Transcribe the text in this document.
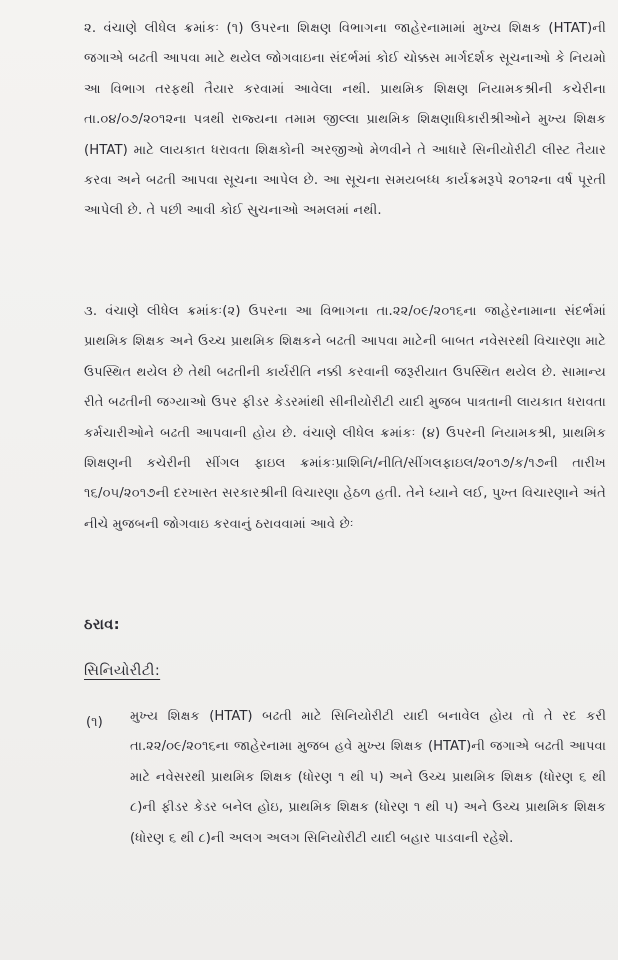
૨. વંચાણે લીધેલ ક્રમાંકઃ (૧) ઉપરના શિક્ષણ વિભાગના જાહેરનામામાં મુખ્ય શિક્ષક (HTAT)ની જગાએ બઢતી આપવા માટે થયેલ જોગવાઇના સંદર્ભમાં કોઈ ચોક્કસ માર્ગદર્શક સૂચનાઓ કે નિયમો આ વિભાગ તરફથી તૈયાર કરવામાં આવેલા નથી. પ્રાથમિક શિક્ષણ નિયામકશ્રીની કચેરીના તા.૦૪/૦૭/૨૦૧૨ના પત્રથી રાજ્યના તમામ જીલ્લા પ્રાથમિક શિક્ષણાધિકારીશ્રીઓને મુખ્ય શિક્ષક (HTAT) માટે લાયકાત ધરાવતા શિક્ષકોની અરજીઓ મેળવીને તે આધારે સિનીયોરીટી લીસ્ટ તૈયાર કરવા અને બઢતી આપવા સૂચના આપેલ છે. આ સૂચના સમયબધ્ધ કાર્યક્રમરૂપે ૨૦૧૨ના વર્ષ પૂરતી આપેલી છે. તે પછી આવી કોઈ સુચનાઓ અમલમાં નથી.
૩. વંચાણે લીધેલ ક્રમાંકઃ(૨) ઉપરના આ વિભાગના તા.૨૨/૦૯/૨૦૧૬ના જાહેરનામાના સંદર્ભમાં પ્રાથમિક શિક્ષક અને ઉચ્ચ પ્રાથમિક શિક્ષકને બઢતી આપવા માટેની બાબત નવેસરથી વિચારણા માટે ઉપસ્થિત થયેલ છે તેથી બઢતીની કાર્યરીતિ નક્કી કરવાની જરૂરીયાત ઉપસ્થિત થયેલ છે. સામાન્ય રીતે બઢતીની જગ્યાઓ ઉપર ફીડર કેડરમાંથી સીનીયોરીટી યાદી મુજબ પાત્રતાની લાયકાત ધરાવતા કર્મચારીઓને બઢતી આપવાની હોય છે. વંચાણે લીધેલ ક્રમાંકઃ (૪) ઉપરની નિયામકશ્રી, પ્રાથમિક શિક્ષણની કચેરીની સીંગલ ફાઇલ ક્રમાંકઃપ્રાશિનિ/નીતિ/સીંગલફાઇલ/૨૦૧૭/ક/૧૭ની તારીખ ૧૬/૦૫/૨૦૧૭ની દરખાસ્ત સરકારશ્રીની વિચારણા હેઠળ હતી. તેને ધ્યાને લઈ, પુખ્ત વિચારણાને અંતે નીચે મુજબની જોગવાઇ કરવાનું ઠરાવવામાં આવે છેઃ
ઠરાવ:
સિનિયોરીટી:
(૧) મુખ્ય શિક્ષક (HTAT) બઢતી માટે સિનિયોરીટી યાદી બનાવેલ હોય તો તે રદ કરી તા.૨૨/૦૯/૨૦૧૬ના જાહેરનામા મુજબ હવે મુખ્ય શિક્ષક (HTAT)ની જગાએ બઢતી આપવા માટે નવેસરથી પ્રાથમિક શિક્ષક (ધોરણ ૧ થી ૫) અને ઉચ્ચ પ્રાથમિક શિક્ષક (ધોરણ ૬ થી ૮)ની ફીડર કેડર બનેલ હોઇ, પ્રાથમિક શિક્ષક (ધોરણ ૧ થી ૫) અને ઉચ્ચ પ્રાથમિક શિક્ષક (ધોરણ ૬ થી ૮)ની અલગ અલગ સિનિયોરીટી યાદી બહાર પાડવાની રહેશે.
